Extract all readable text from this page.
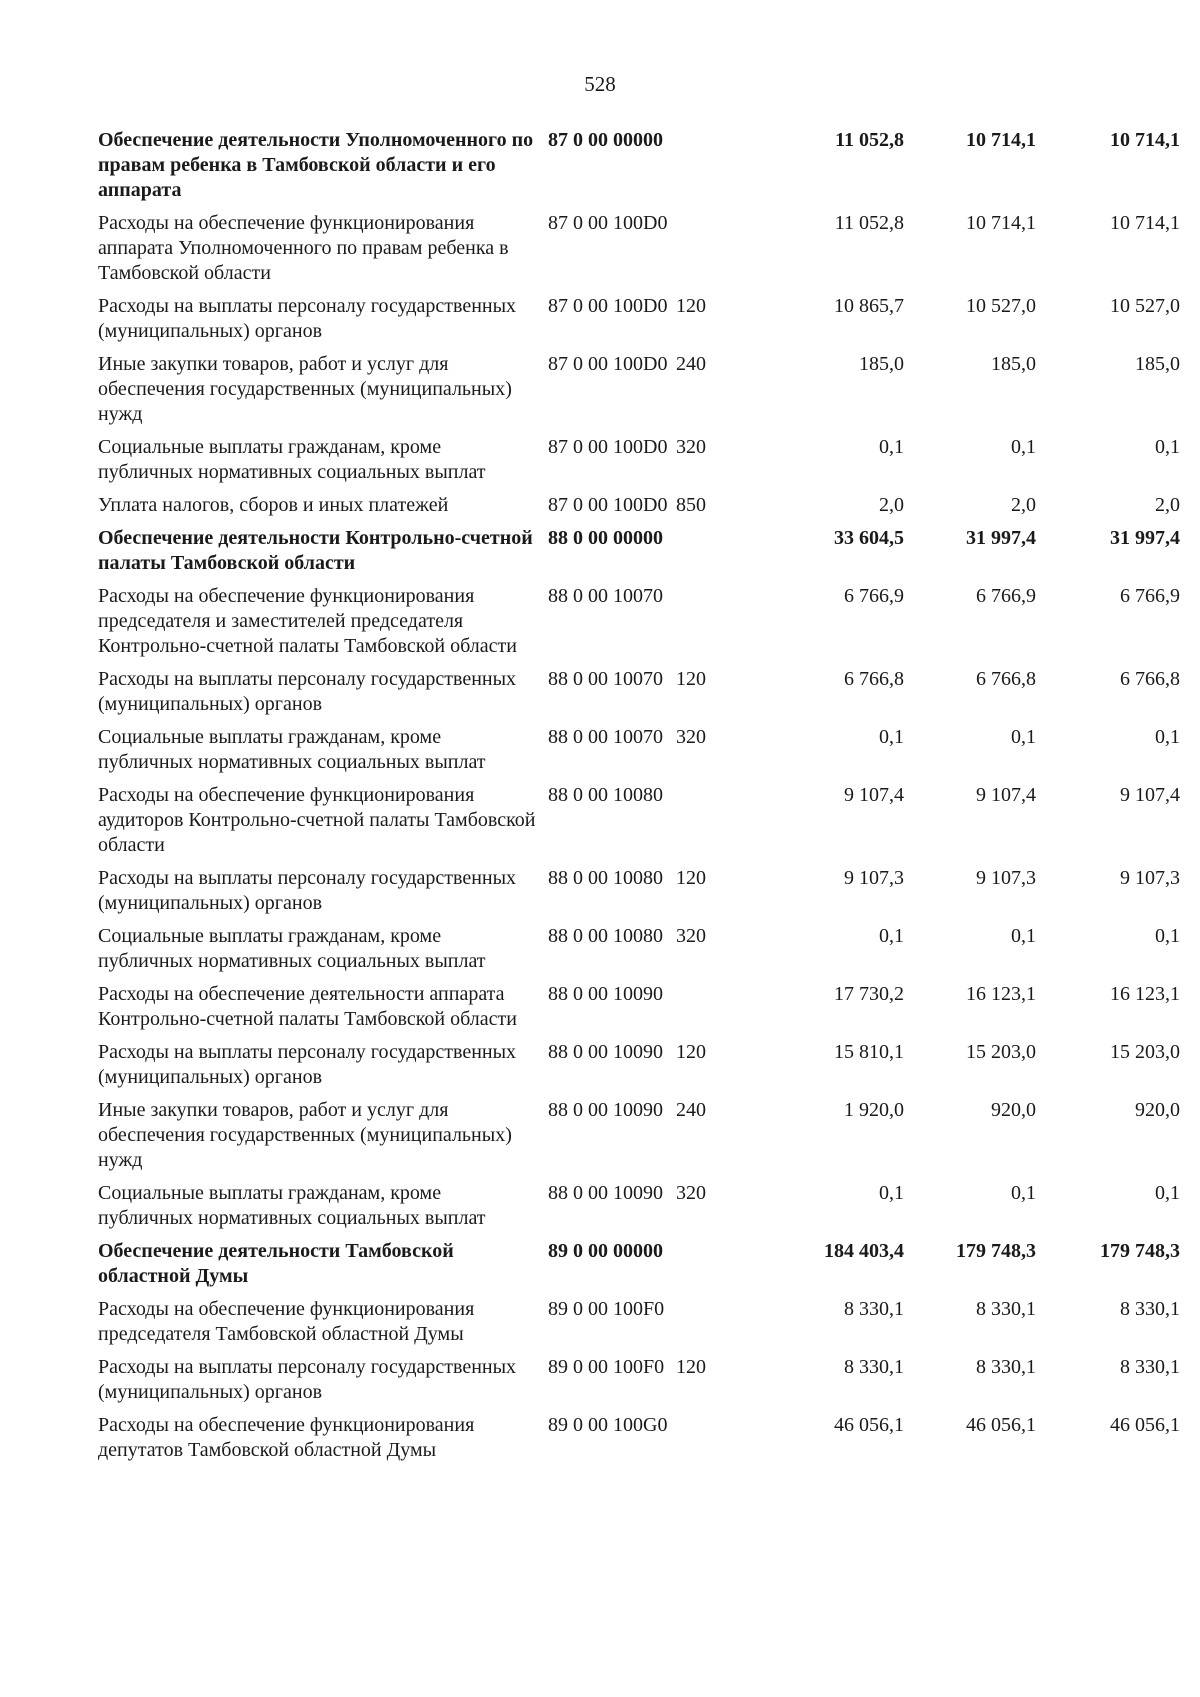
528
Обеспечение деятельности Уполномоченного по правам ребенка в Тамбовской области и его аппарата	87 0 00 00000		11 052,8	10 714,1	10 714,1
Расходы на обеспечение функционирования аппарата Уполномоченного по правам ребенка в Тамбовской области	87 0 00 100D0		11 052,8	10 714,1	10 714,1
Расходы на выплаты персоналу государственных (муниципальных) органов	87 0 00 100D0	120	10 865,7	10 527,0	10 527,0
Иные закупки товаров, работ и услуг для обеспечения государственных (муниципальных) нужд	87 0 00 100D0	240	185,0	185,0	185,0
Социальные выплаты гражданам, кроме публичных нормативных социальных выплат	87 0 00 100D0	320	0,1	0,1	0,1
Уплата налогов, сборов и иных платежей	87 0 00 100D0	850	2,0	2,0	2,0
Обеспечение деятельности Контрольно-счетной палаты Тамбовской области	88 0 00 00000		33 604,5	31 997,4	31 997,4
Расходы на обеспечение функционирования председателя и заместителей председателя Контрольно-счетной палаты Тамбовской области	88 0 00 10070		6 766,9	6 766,9	6 766,9
Расходы на выплаты персоналу государственных (муниципальных) органов	88 0 00 10070	120	6 766,8	6 766,8	6 766,8
Социальные выплаты гражданам, кроме публичных нормативных социальных выплат	88 0 00 10070	320	0,1	0,1	0,1
Расходы на обеспечение функционирования аудиторов Контрольно-счетной палаты Тамбовской области	88 0 00 10080		9 107,4	9 107,4	9 107,4
Расходы на выплаты персоналу государственных (муниципальных) органов	88 0 00 10080	120	9 107,3	9 107,3	9 107,3
Социальные выплаты гражданам, кроме публичных нормативных социальных выплат	88 0 00 10080	320	0,1	0,1	0,1
Расходы на обеспечение деятельности аппарата Контрольно-счетной палаты Тамбовской области	88 0 00 10090		17 730,2	16 123,1	16 123,1
Расходы на выплаты персоналу государственных (муниципальных) органов	88 0 00 10090	120	15 810,1	15 203,0	15 203,0
Иные закупки товаров, работ и услуг для обеспечения государственных (муниципальных) нужд	88 0 00 10090	240	1 920,0	920,0	920,0
Социальные выплаты гражданам, кроме публичных нормативных социальных выплат	88 0 00 10090	320	0,1	0,1	0,1
Обеспечение деятельности Тамбовской областной Думы	89 0 00 00000		184 403,4	179 748,3	179 748,3
Расходы на обеспечение функционирования председателя Тамбовской областной Думы	89 0 00 100F0		8 330,1	8 330,1	8 330,1
Расходы на выплаты персоналу государственных (муниципальных) органов	89 0 00 100F0	120	8 330,1	8 330,1	8 330,1
Расходы на обеспечение функционирования депутатов Тамбовской областной Думы	89 0 00 100G0		46 056,1	46 056,1	46 056,1
